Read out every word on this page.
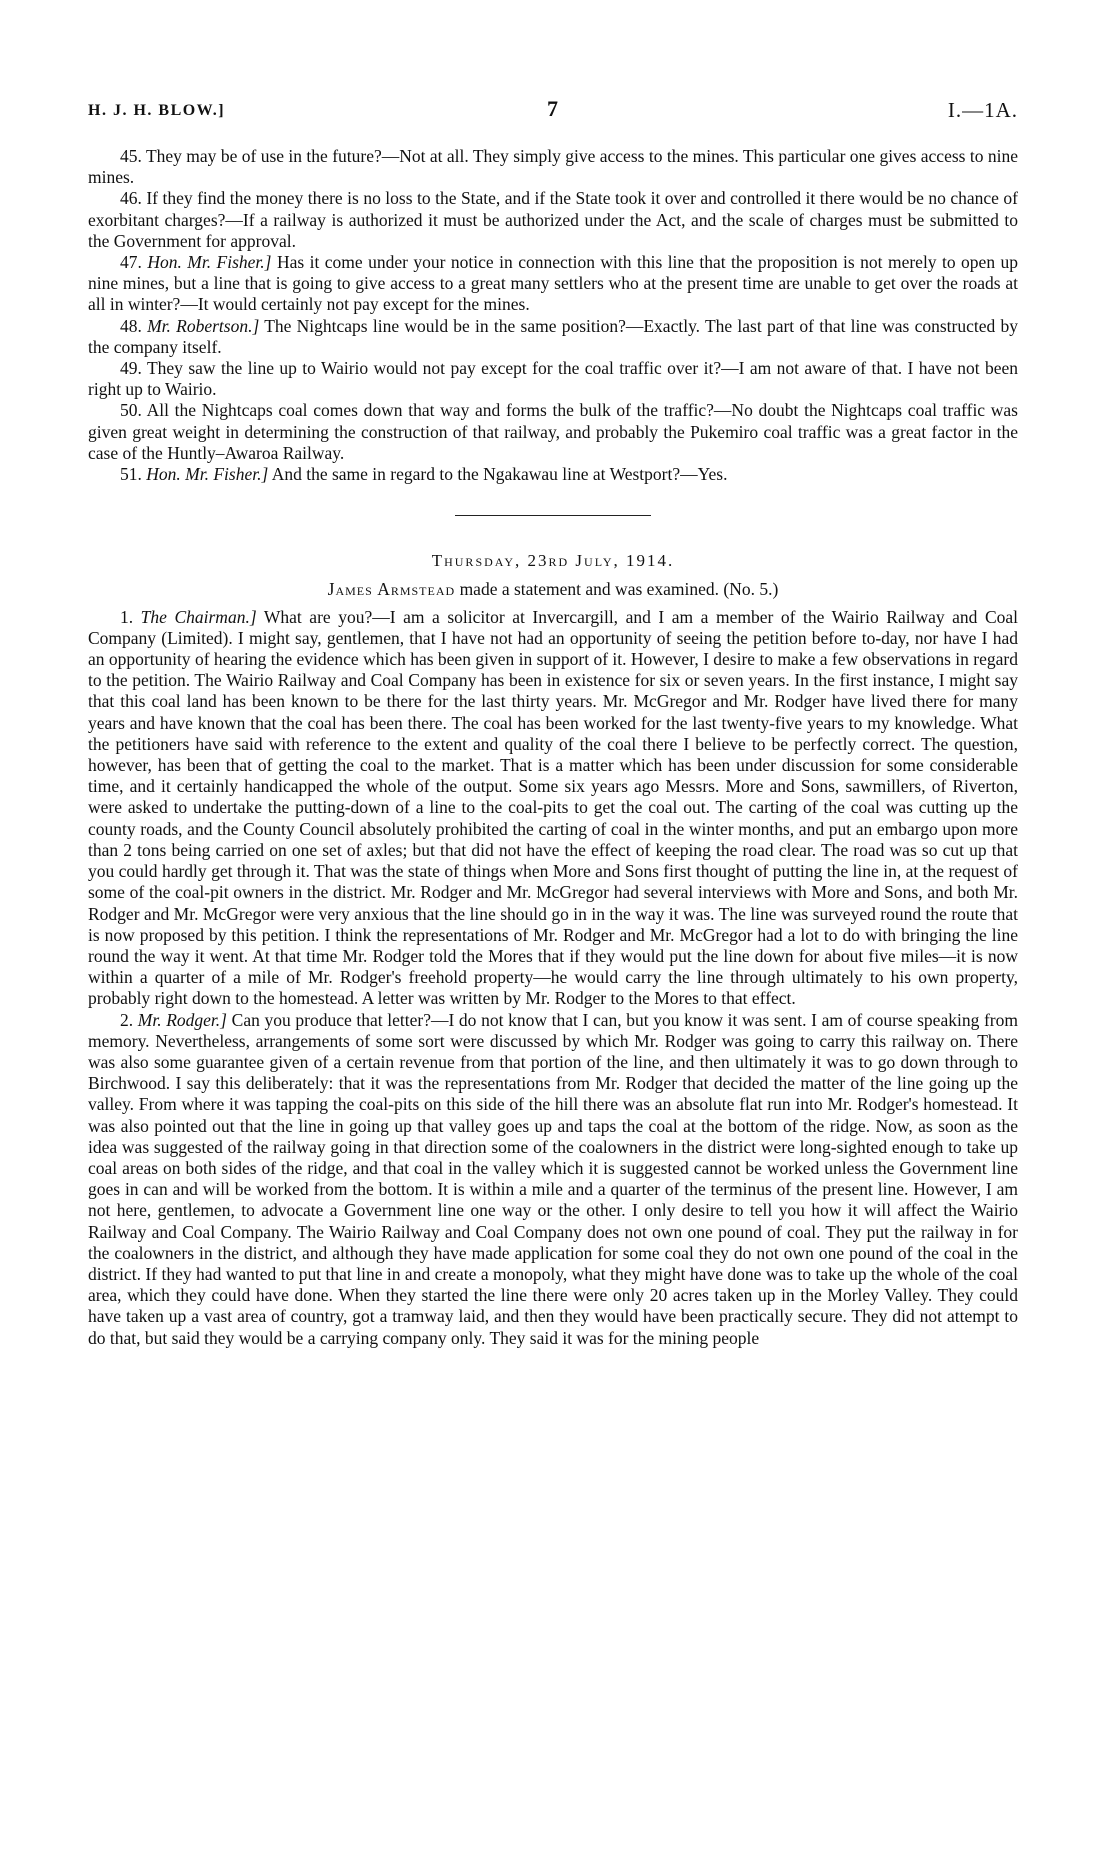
H. J. H. BLOW.]	7	I.—1A.

45. They may be of use in the future?—Not at all. They simply give access to the mines. This particular one gives access to nine mines.

46. If they find the money there is no loss to the State, and if the State took it over and controlled it there would be no chance of exorbitant charges?—If a railway is authorized it must be authorized under the Act, and the scale of charges must be submitted to the Government for approval.

47. Hon. Mr. Fisher.] Has it come under your notice in connection with this line that the proposition is not merely to open up nine mines, but a line that is going to give access to a great many settlers who at the present time are unable to get over the roads at all in winter?—It would certainly not pay except for the mines.

48. Mr. Robertson.] The Nightcaps line would be in the same position?—Exactly. The last part of that line was constructed by the company itself.

49. They saw the line up to Wairio would not pay except for the coal traffic over it?—I am not aware of that. I have not been right up to Wairio.

50. All the Nightcaps coal comes down that way and forms the bulk of the traffic?—No doubt the Nightcaps coal traffic was given great weight in determining the construction of that railway, and probably the Pukemiro coal traffic was a great factor in the case of the Huntly–Awaroa Railway.

51. Hon. Mr. Fisher.] And the same in regard to the Ngakawau line at Westport?—Yes.

Thursday, 23rd July, 1914.

James Armstead made a statement and was examined. (No. 5.)

1. The Chairman.] What are you?—I am a solicitor at Invercargill, and I am a member of the Wairio Railway and Coal Company (Limited). I might say, gentlemen, that I have not had an opportunity of seeing the petition before to-day, nor have I had an opportunity of hearing the evidence which has been given in support of it. However, I desire to make a few observations in regard to the petition. The Wairio Railway and Coal Company has been in existence for six or seven years. In the first instance, I might say that this coal land has been known to be there for the last thirty years. Mr. McGregor and Mr. Rodger have lived there for many years and have known that the coal has been there. The coal has been worked for the last twenty-five years to my knowledge. What the petitioners have said with reference to the extent and quality of the coal there I believe to be perfectly correct. The question, however, has been that of getting the coal to the market. That is a matter which has been under discussion for some considerable time, and it certainly handicapped the whole of the output. Some six years ago Messrs. More and Sons, sawmillers, of Riverton, were asked to undertake the putting-down of a line to the coal-pits to get the coal out. The carting of the coal was cutting up the county roads, and the County Council absolutely prohibited the carting of coal in the winter months, and put an embargo upon more than 2 tons being carried on one set of axles; but that did not have the effect of keeping the road clear. The road was so cut up that you could hardly get through it. That was the state of things when More and Sons first thought of putting the line in, at the request of some of the coal-pit owners in the district. Mr. Rodger and Mr. McGregor had several interviews with More and Sons, and both Mr. Rodger and Mr. McGregor were very anxious that the line should go in in the way it was. The line was surveyed round the route that is now proposed by this petition. I think the representations of Mr. Rodger and Mr. McGregor had a lot to do with bringing the line round the way it went. At that time Mr. Rodger told the Mores that if they would put the line down for about five miles—it is now within a quarter of a mile of Mr. Rodger's freehold property—he would carry the line through ultimately to his own property, probably right down to the homestead. A letter was written by Mr. Rodger to the Mores to that effect.

2. Mr. Rodger.] Can you produce that letter?—I do not know that I can, but you know it was sent. I am of course speaking from memory. Nevertheless, arrangements of some sort were discussed by which Mr. Rodger was going to carry this railway on. There was also some guarantee given of a certain revenue from that portion of the line, and then ultimately it was to go down through to Birchwood. I say this deliberately: that it was the representations from Mr. Rodger that decided the matter of the line going up the valley. From where it was tapping the coal-pits on this side of the hill there was an absolute flat run into Mr. Rodger's homestead. It was also pointed out that the line in going up that valley goes up and taps the coal at the bottom of the ridge. Now, as soon as the idea was suggested of the railway going in that direction some of the coalowners in the district were long-sighted enough to take up coal areas on both sides of the ridge, and that coal in the valley which it is suggested cannot be worked unless the Government line goes in can and will be worked from the bottom. It is within a mile and a quarter of the terminus of the present line. However, I am not here, gentlemen, to advocate a Government line one way or the other. I only desire to tell you how it will affect the Wairio Railway and Coal Company. The Wairio Railway and Coal Company does not own one pound of coal. They put the railway in for the coalowners in the district, and although they have made application for some coal they do not own one pound of the coal in the district. If they had wanted to put that line in and create a monopoly, what they might have done was to take up the whole of the coal area, which they could have done. When they started the line there were only 20 acres taken up in the Morley Valley. They could have taken up a vast area of country, got a tramway laid, and then they would have been practically secure. They did not attempt to do that, but said they would be a carrying company only. They said it was for the mining people
